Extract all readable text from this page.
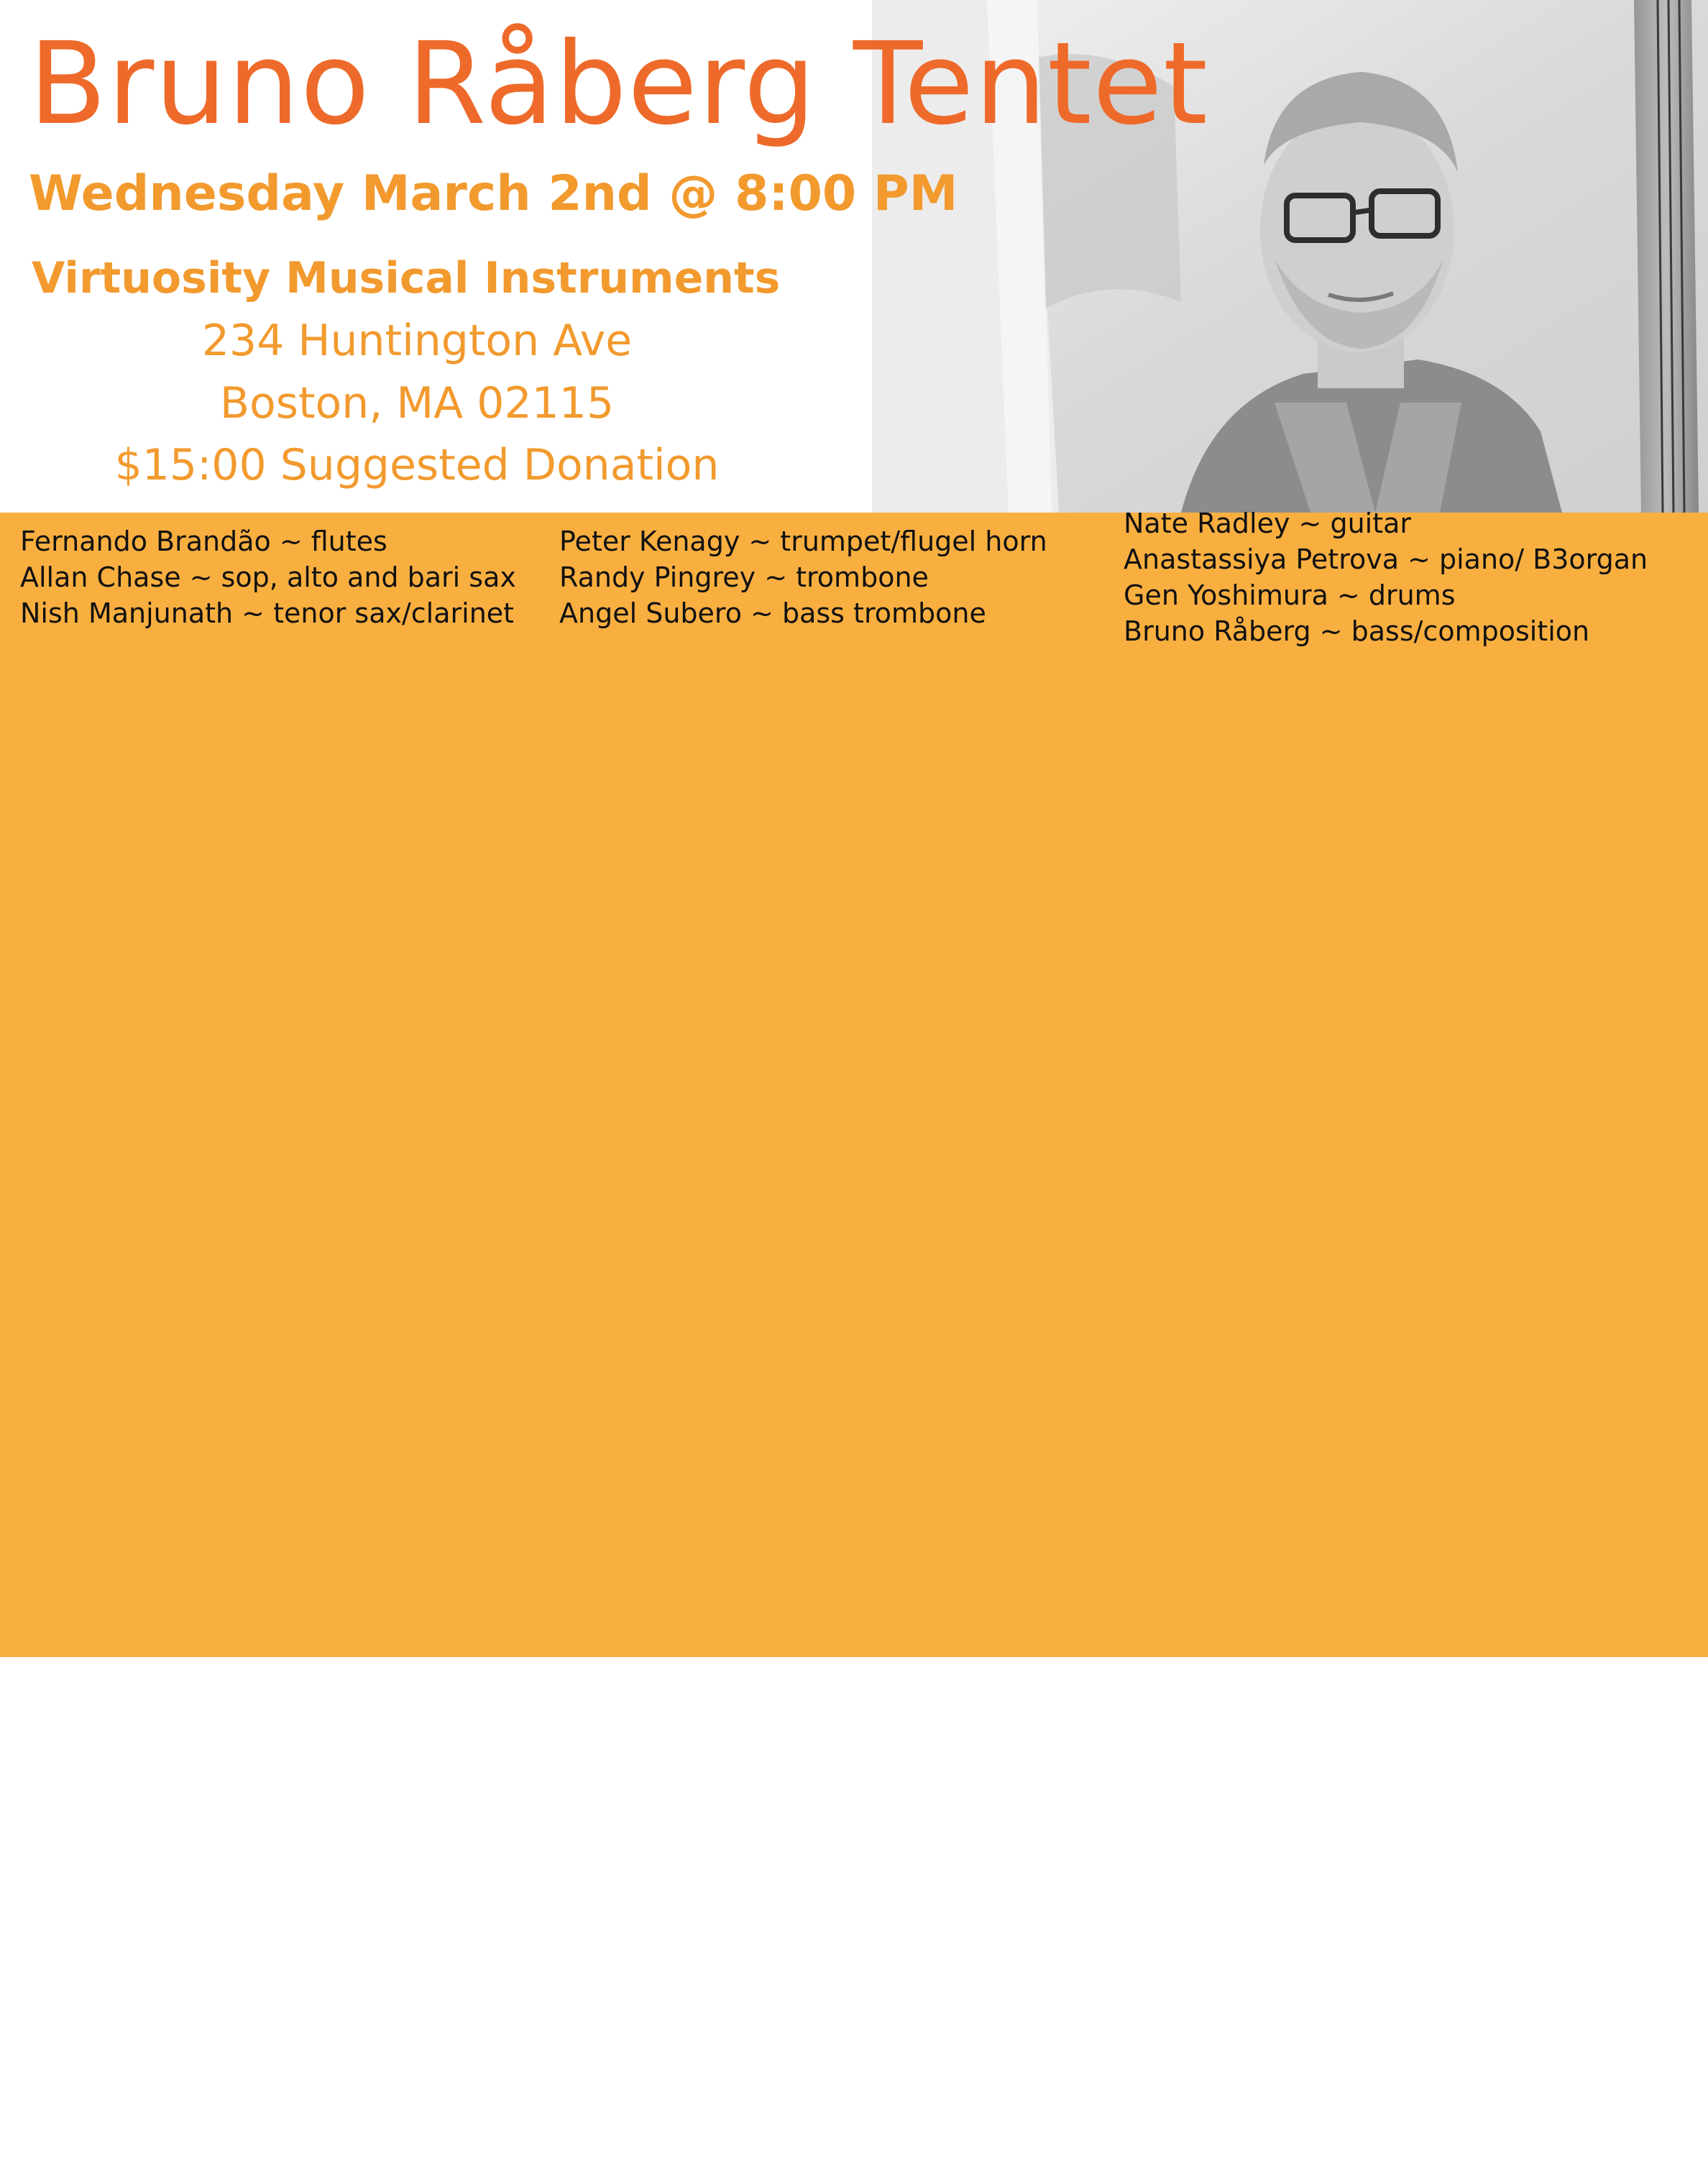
Bruno Råberg Tentet
Wednesday March 2nd @ 8:00 PM
Virtuosity Musical Instruments
234 Huntington Ave
Boston, MA 02115
$15:00 Suggested Donation
Fernando Brandão ~ flutes
Allan Chase ~ sop, alto and bari sax
Nish Manjunath ~ tenor sax/clarinet
Peter Kenagy ~ trumpet/flugel horn
Randy Pingrey ~ trombone
Angel Subero ~ bass trombone
Nate Radley ~ guitar
Anastassiya Petrova ~ piano/ B3organ
Gen Yoshimura ~ drums
Bruno Råberg ~ bass/composition
